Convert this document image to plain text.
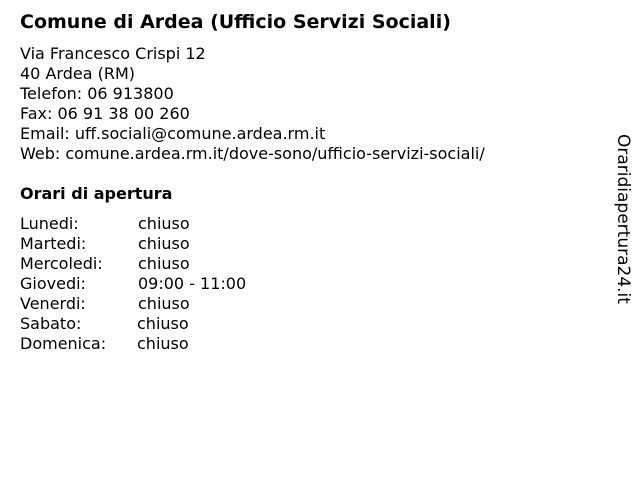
Comune di Ardea (Ufficio Servizi Sociali)
Via Francesco Crispi 12
40 Ardea (RM)
Telefon: 06 913800
Fax: 06 91 38 00 260
Email: uff.sociali@comune.ardea.rm.it
Web: comune.ardea.rm.it/dove-sono/ufficio-servizi-sociali/
Orari di apertura
Lunedi:	chiuso
Martedi:	chiuso
Mercoledi: chiuso
Giovedi:	09:00 - 11:00
Venerdi:	chiuso
Sabato:	chiuso
Domenica: chiuso
Oraridiapertura24.it
